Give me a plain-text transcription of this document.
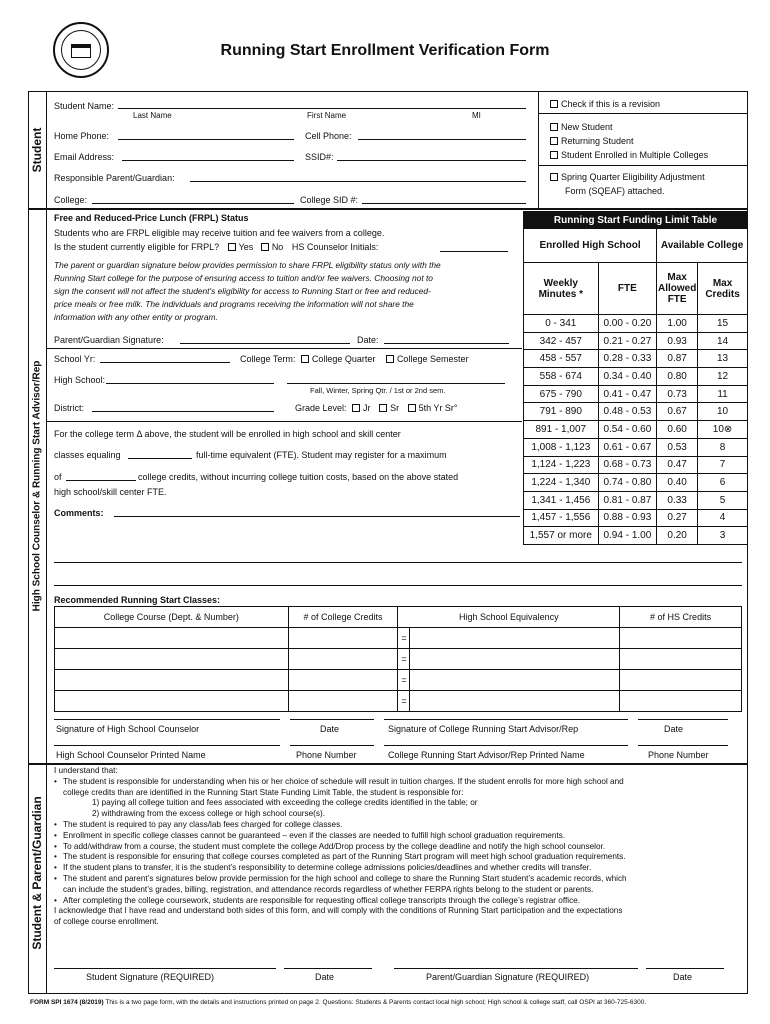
Running Start Enrollment Verification Form
Student
Student Name:
Last Name	First Name	MI
Home Phone:	Cell Phone:
Email Address:	SSID#:
Responsible Parent/Guardian:
College:	College SID #:
Check if this is a revision
New Student
Returning Student
Student Enrolled in Multiple Colleges
Spring Quarter Eligibility Adjustment
Form (SQEAF) attached.
High School Counselor & Running Start Advisor/Rep
Free and Reduced-Price Lunch (FRPL) Status
Students who are FRPL eligible may receive tuition and fee waivers from a college.
Is the student currently eligible for FRPL? Yes No HS Counselor Initials:
The parent or guardian signature below provides permission to share FRPL eligibility status only with the
Running Start college for the purpose of ensuring access to tuition and/or fee waivers. Choosing not to
sign the consent will not affect the student's eligibility for access to Running Start or free and reduced-
price meals or free milk. The individuals and programs receiving the information will not share the
information with any other entity or program.
Parent/Guardian Signature:	Date:
School Yr:	College Term: College Quarter College Semester
High School:
Fall, Winter, Spring Qtr. / 1st or 2nd sem.
District:	Grade Level: Jr Sr 5th Yr Sr°
For the college term Δ above, the student will be enrolled in high school and skill center
classes equaling	full-time equivalent (FTE). Student may register for a maximum
of	college credits, without incurring college tuition costs, based on the above stated
high school/skill center FTE.
Comments:
Running Start Funding Limit Table			
Enrolled High School		Available College	
Weekly Minutes *	FTE	Max Allowed FTE	Max Credits
0 - 341	0.00 - 0.20	1.00	15
342 - 457	0.21 - 0.27	0.93	14
458 - 557	0.28 - 0.33	0.87	13
558 - 674	0.34 - 0.40	0.80	12
675 - 790	0.41 - 0.47	0.73	11
791 - 890	0.48 - 0.53	0.67	10
891 - 1,007	0.54 - 0.60	0.60	10⊗
1,008 - 1,123	0.61 - 0.67	0.53	8
1,124 - 1,223	0.68 - 0.73	0.47	7
1,224 - 1,340	0.74 - 0.80	0.40	6
1,341 - 1,456	0.81 - 0.87	0.33	5
1,457 - 1,556	0.88 - 0.93	0.27	4
1,557 or more	0.94 - 1.00	0.20	3
Recommended Running Start Classes:
College Course (Dept. & Number)	# of College Credits	High School Equivalency		# of HS Credits
		=		
		=		
		=		
		=		
Signature of High School Counselor	Date	Signature of College Running Start Advisor/Rep	Date
High School Counselor Printed Name	Phone Number	College Running Start Advisor/Rep Printed Name	Phone Number
Student & Parent/Guardian
I understand that:
• The student is responsible for understanding when his or her choice of schedule will result in tuition charges. If the student enrolls for more high school and
college credits than are identified in the Running Start State Funding Limit Table, the student is responsible for:
1) paying all college tuition and fees associated with exceeding the college credits identified in the table; or
2) withdrawing from the excess college or high school course(s).
• The student is required to pay any class/lab fees charged for college classes.
• Enrollment in specific college classes cannot be guaranteed – even if the classes are needed to fulfill high school graduation requirements.
• To add/withdraw from a course, the student must complete the college Add/Drop process by the college deadline and notify the high school counselor.
• The student is responsible for ensuring that college courses completed as part of the Running Start program will meet high school graduation requirements.
• If the student plans to transfer, it is the student’s responsibility to determine college admissions policies/deadlines and whether credits will transfer.
• The student and parent’s signatures below provide permission for the high school and college to share the Running Start student’s academic records, which
can include the student’s grades, billing, registration, and attendance records regardless of whether FERPA rights belong to the student or parents.
• After completing the college coursework, students are responsible for requesting offical college transcripts through the college’s registrar office.
I acknowledge that I have read and understand both sides of this form, and will comply with the conditions of Running Start participation and the expectations
of college course enrollment.
Student Signature (REQUIRED)	Date	Parent/Guardian Signature (REQUIRED)	Date
FORM SPI 1674 (8/2019) This is a two page form, with the details and instructions printed on page 2. Questions: Students & Parents contact local high school; High school & college staff, call OSPI at 360-725-6300.
